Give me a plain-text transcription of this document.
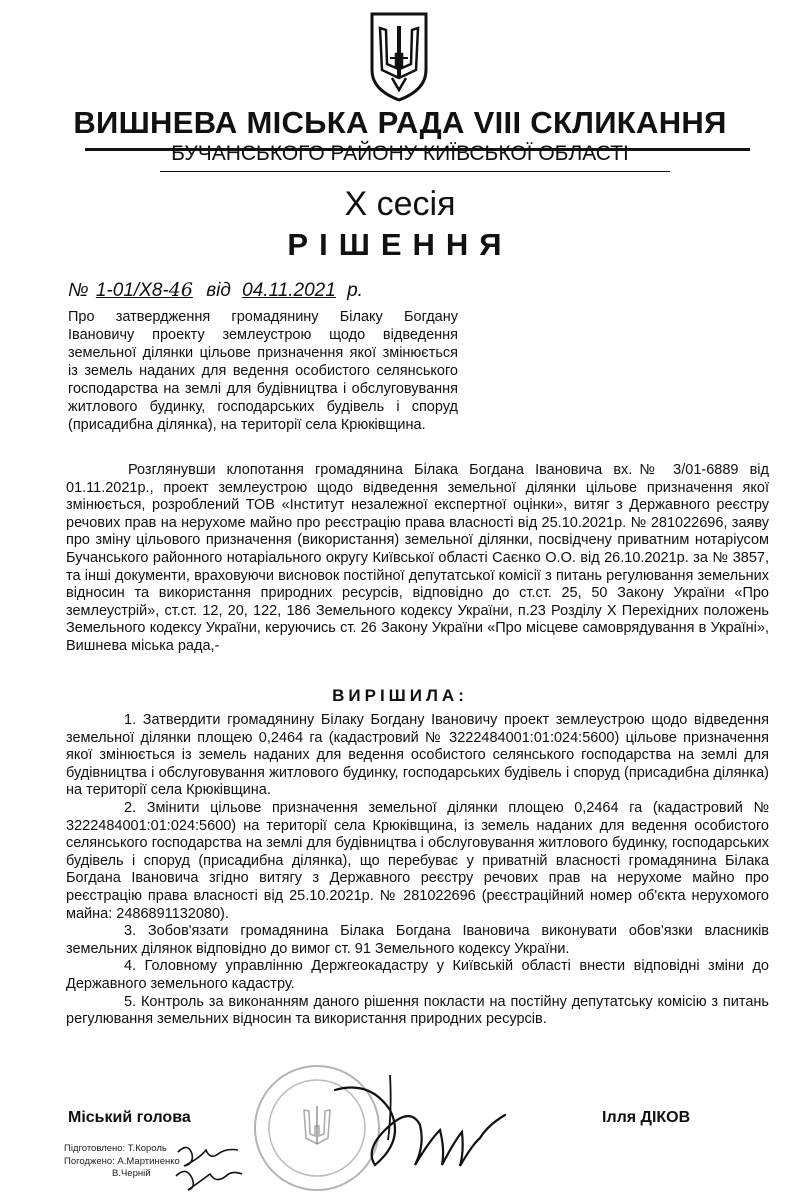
ВИШНЕВА МІСЬКА РАДА VIII СКЛИКАННЯ
БУЧАНСЬКОГО РАЙОНУ КИЇВСЬКОЇ ОБЛАСТІ
Х сесія
РІШЕННЯ
№ 1-01/Х8-46 від 04.11.2021 р.

Про затвердження громадянину Білаку Богдану Івановичу проекту землеустрою щодо відведення земельної ділянки цільове призначення якої змінюється із земель наданих для ведення особистого селянського господарства на землі для будівництва і обслуговування житлового будинку, господарських будівель і споруд (присадибна ділянка), на території села Крюківщина.

Розглянувши клопотання громадянина Білака Богдана Івановича вх.№ 3/01-6889 від 01.11.2021р., проект землеустрою щодо відведення земельної ділянки цільове призначення якої змінюється, розроблений ТОВ «Інститут незалежної експертної оцінки», витяг з Державного реєстру речових прав на нерухоме майно про реєстрацію права власності від 25.10.2021р. № 281022696, заяву про зміну цільового призначення (використання) земельної ділянки, посвідчену приватним нотаріусом Бучанського районного нотаріального округу Київської області Саєнко О.О. від 26.10.2021р. за № 3857, та інші документи, враховуючи висновок постійної депутатської комісії з питань регулювання земельних відносин та використання природних ресурсів, відповідно до ст.ст. 25, 50 Закону України «Про землеустрій», ст.ст. 12, 20, 122, 186 Земельного кодексу України, п.23 Розділу Х Перехідних положень Земельного кодексу України, керуючись ст. 26 Закону України «Про місцеве самоврядування в Україні», Вишнева міська рада,-

ВИРІШИЛА:

1. Затвердити громадянину Білаку Богдану Івановичу проект землеустрою щодо відведення земельної ділянки площею 0,2464 га (кадастровий № 3222484001:01:024:5600) цільове призначення якої змінюється із земель наданих для ведення особистого селянського господарства на землі для будівництва і обслуговування житлового будинку, господарських будівель і споруд (присадибна ділянка) на території села Крюківщина.

2. Змінити цільове призначення земельної ділянки площею 0,2464 га (кадастровий № 3222484001:01:024:5600) на території села Крюківщина, із земель наданих для ведення особистого селянського господарства на землі для будівництва і обслуговування житлового будинку, господарських будівель і споруд (присадибна ділянка), що перебуває у приватній власності громадянина Білака Богдана Івановича згідно витягу з Державного реєстру речових прав на нерухоме майно про реєстрацію права власності від 25.10.2021р. № 281022696 (реєстраційний номер об'єкта нерухомого майна: 2486891132080).

3. Зобов'язати громадянина Білака Богдана Івановича виконувати обов'язки власників земельних ділянок відповідно до вимог ст. 91 Земельного кодексу України.

4. Головному управлінню Держгеокадастру у Київській області внести відповідні зміни до Державного земельного кадастру.

5. Контроль за виконанням даного рішення покласти на постійну депутатську комісію з питань регулювання земельних відносин та використання природних ресурсів.

Міський голова	Ілля ДІКОВ
Підготовлено: Т.Король
Погоджено: А.Мартиненко
В.Черній
